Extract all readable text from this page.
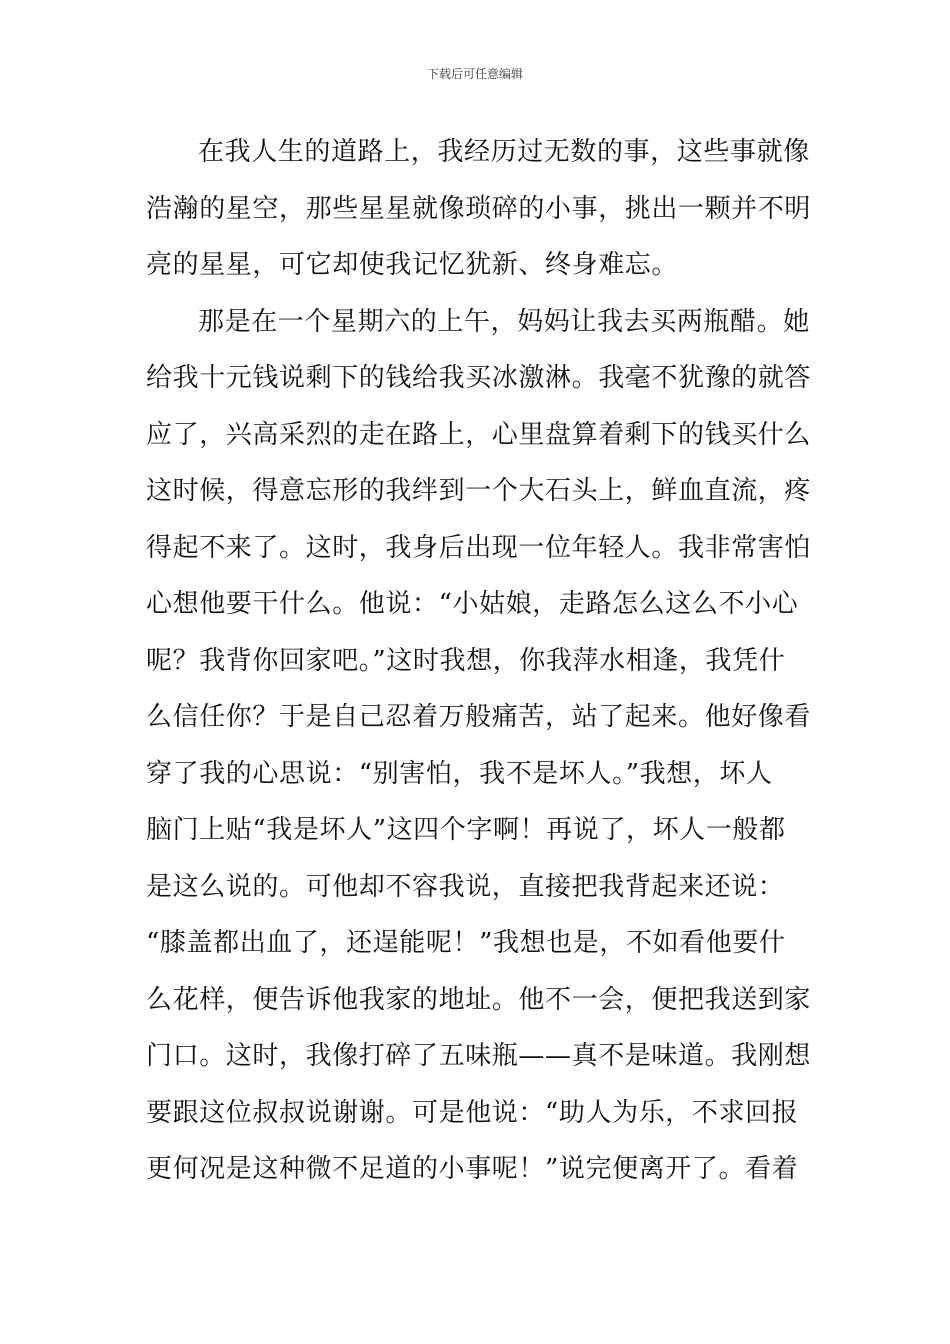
下载后可任意编辑
在我人生的道路上，我经历过无数的事，这些事就像
浩瀚的星空，那些星星就像琐碎的小事，挑出一颗并不明
亮的星星，可它却使我记忆犹新、终身难忘。
那是在一个星期六的上午，妈妈让我去买两瓶醋。她
给我十元钱说剩下的钱给我买冰激淋。我毫不犹豫的就答
应了，兴高采烈的走在路上，心里盘算着剩下的钱买什么
这时候，得意忘形的我绊到一个大石头上，鲜血直流，疼
得起不来了。这时，我身后出现一位年轻人。我非常害怕
心想他要干什么。他说：“小姑娘，走路怎么这么不小心
呢？我背你回家吧。”这时我想，你我萍水相逢，我凭什
么信任你？于是自己忍着万般痛苦，站了起来。他好像看
穿了我的心思说：“别害怕，我不是坏人。”我想，坏人
脑门上贴“我是坏人”这四个字啊！再说了，坏人一般都
是这么说的。可他却不容我说，直接把我背起来还说：
“膝盖都出血了，还逞能呢！”我想也是，不如看他要什
么花样，便告诉他我家的地址。他不一会，便把我送到家
门口。这时，我像打碎了五味瓶——真不是味道。我刚想
要跟这位叔叔说谢谢。可是他说：“助人为乐，不求回报
更何况是这种微不足道的小事呢！”说完便离开了。看着
